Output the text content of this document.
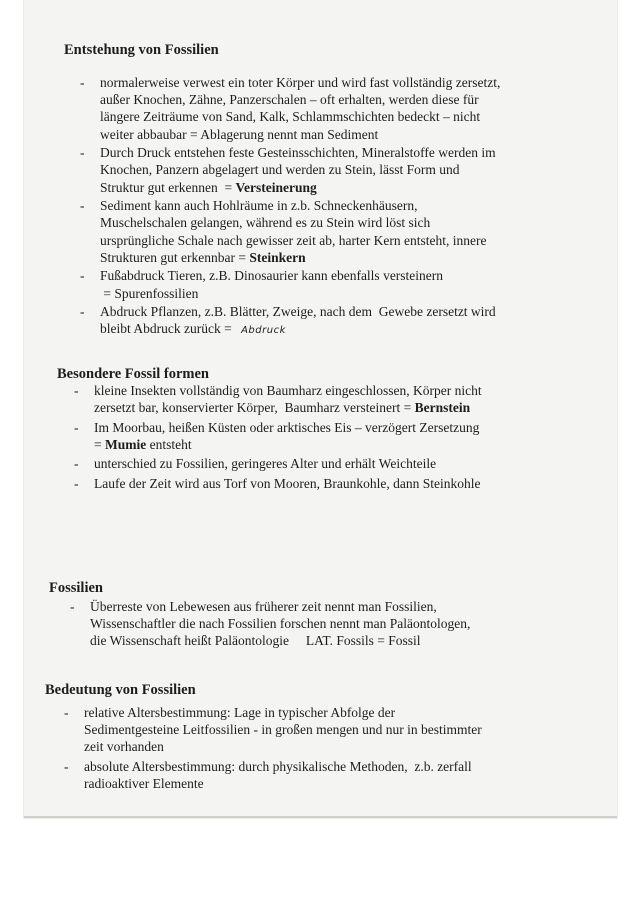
Entstehung von Fossilien
- normalerweise verwest ein toter Körper und wird fast vollständig zersetzt,
außer Knochen, Zähne, Panzerschalen – oft erhalten, werden diese für
längere Zeiträume von Sand, Kalk, Schlammschichten bedeckt – nicht
weiter abbaubar = Ablagerung nennt man Sediment
- Durch Druck entstehen feste Gesteinsschichten, Mineralstoffe werden im
Knochen, Panzern abgelagert und werden zu Stein, lässt Form und
Struktur gut erkennen  = Versteinerung
- Sediment kann auch Hohlräume in z.b. Schneckenhäusern,
Muschelschalen gelangen, während es zu Stein wird löst sich
ursprüngliche Schale nach gewisser zeit ab, harter Kern entsteht, innere
Strukturen gut erkennbar = Steinkern
- Fußabdruck Tieren, z.B. Dinosaurier kann ebenfalls versteinern
= Spurenfossilien
- Abdruck Pflanzen, z.B. Blätter, Zweige, nach dem  Gewebe zersetzt wird
bleibt Abdruck zurück = Abdruck
Besondere Fossil formen
- kleine Insekten vollständig von Baumharz eingeschlossen, Körper nicht
zersetzt bar, konservierter Körper,  Baumharz versteinert = Bernstein
- Im Moorbau, heißen Küsten oder arktisches Eis – verzögert Zersetzung
= Mumie entsteht
- unterschied zu Fossilien, geringeres Alter und erhält Weichteile
- Laufe der Zeit wird aus Torf von Mooren, Braunkohle, dann Steinkohle
Fossilien
- Überreste von Lebewesen aus früherer zeit nennt man Fossilien,
Wissenschaftler die nach Fossilien forschen nennt man Paläontologen,
die Wissenschaft heißt Paläontologie     LAT. Fossils = Fossil
Bedeutung von Fossilien
- relative Altersbestimmung: Lage in typischer Abfolge der
Sedimentgesteine Leitfossilien - in großen mengen und nur in bestimmter
zeit vorhanden
- absolute Altersbestimmung: durch physikalische Methoden,  z.b. zerfall
radioaktiver Elemente
